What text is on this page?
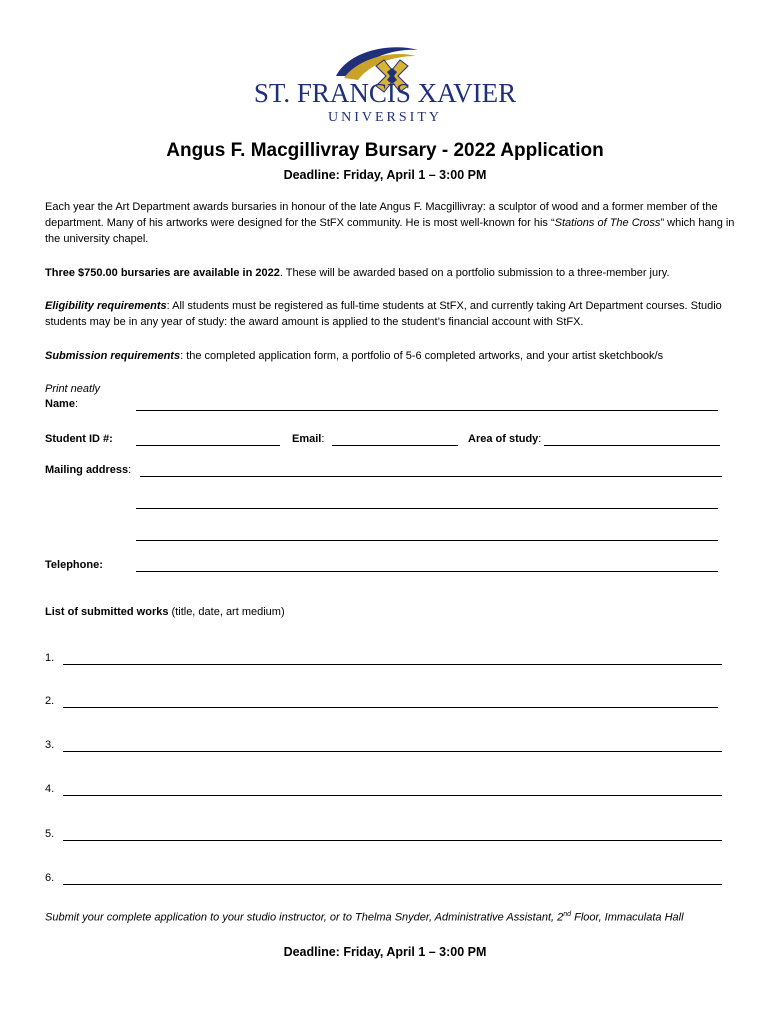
ST. FRANCIS XAVIER
UNIVERSITY
Angus F. Macgillivray Bursary - 2022 Application
Deadline: Friday, April 1 – 3:00 PM
Each year the Art Department awards bursaries in honour of the late Angus F. Macgillivray: a sculptor of wood and a former member of the department. Many of his artworks were designed for the StFX community. He is most well-known for his “Stations of The Cross” which hang in the university chapel.
Three $750.00 bursaries are available in 2022. These will be awarded based on a portfolio submission to a three-member jury.
Eligibility requirements: All students must be registered as full-time students at StFX, and currently taking Art Department courses. Studio students may be in any year of study: the award amount is applied to the student’s financial account with StFX.
Submission requirements: the completed application form, a portfolio of 5-6 completed artworks, and your artist sketchbook/s
Print neatly
Name:
Student ID #:	Email:	Area of study:
Mailing address:
Telephone:
List of submitted works (title, date, art medium)
1.
2.
3.
4.
5.
6.
Submit your complete application to your studio instructor, or to Thelma Snyder, Administrative Assistant, 2nd Floor, Immaculata Hall
Deadline: Friday, April 1 – 3:00 PM
